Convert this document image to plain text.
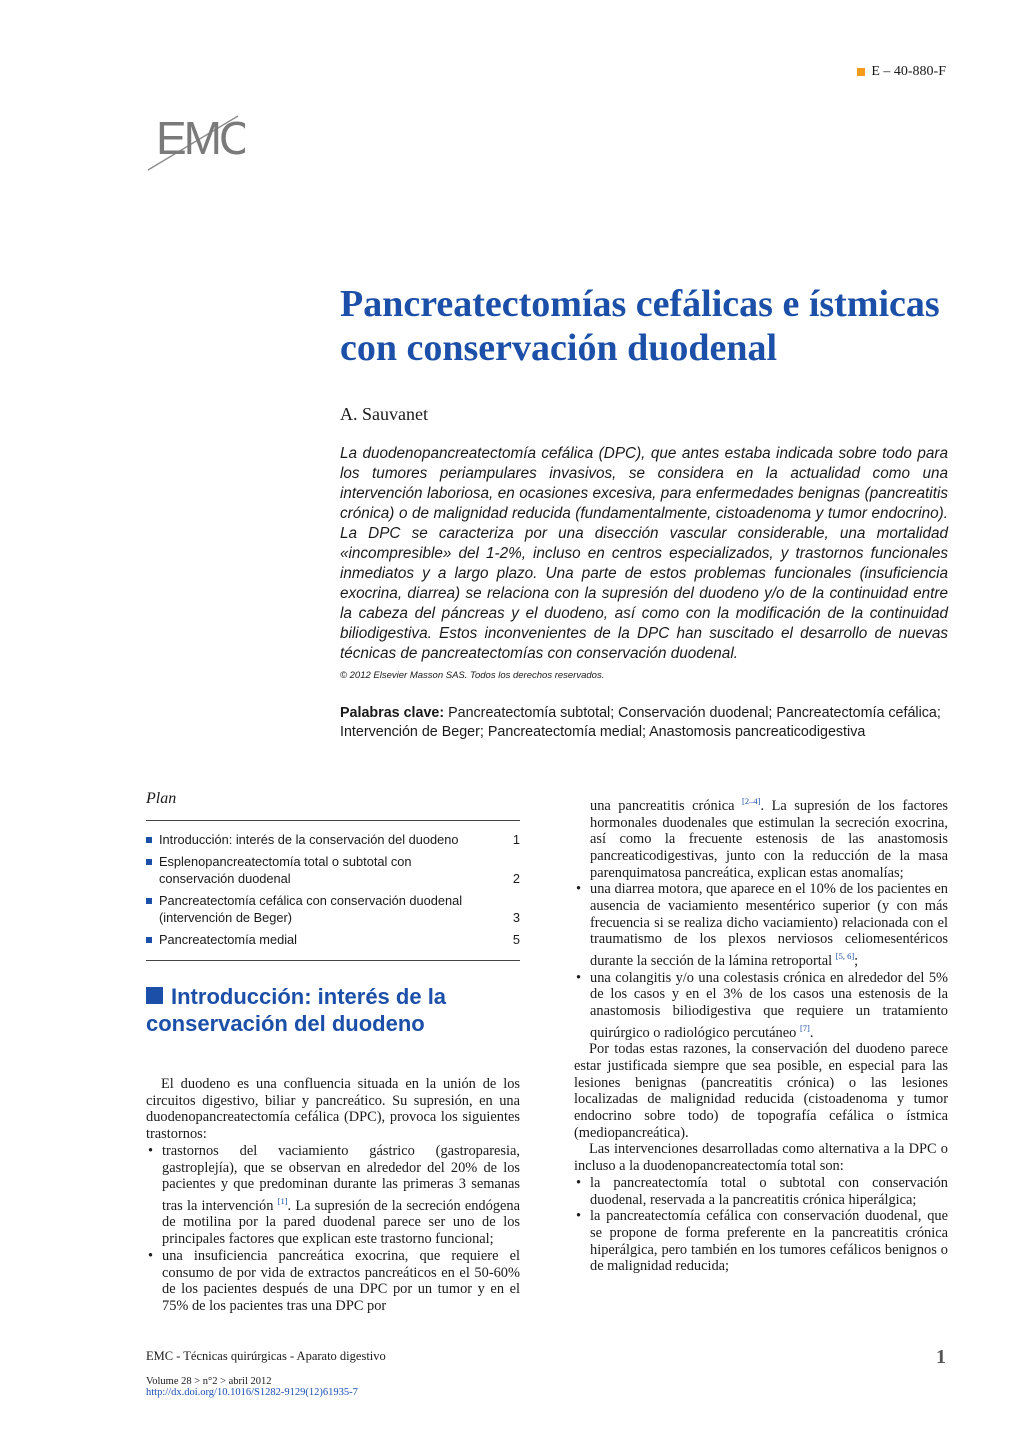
E – 40-880-F
EMC
Pancreatectomías cefálicas e ístmicas con conservación duodenal
A. Sauvanet

La duodenopancreatectomía cefálica (DPC), que antes estaba indicada sobre todo para los tumores periampulares invasivos, se considera en la actualidad como una intervención laboriosa, en ocasiones excesiva, para enfermedades benignas (pancreatitis crónica) o de malignidad reducida (fundamentalmente, cistoadenoma y tumor endocrino). La DPC se caracteriza por una disección vascular considerable, una mortalidad «incompresible» del 1-2%, incluso en centros especializados, y trastornos funcionales inmediatos y a largo plazo. Una parte de estos problemas funcionales (insuficiencia exocrina, diarrea) se relaciona con la supresión del duodeno y/o de la continuidad entre la cabeza del páncreas y el duodeno, así como con la modificación de la continuidad biliodigestiva. Estos inconvenientes de la DPC han suscitado el desarrollo de nuevas técnicas de pancreatectomías con conservación duodenal.

© 2012 Elsevier Masson SAS. Todos los derechos reservados.

Palabras clave: Pancreatectomía subtotal; Conservación duodenal; Pancreatectomía cefálica; Intervención de Beger; Pancreatectomía medial; Anastomosis pancreaticodigestiva

Plan
Introducción: interés de la conservación del duodeno	1
Esplenopancreatectomía total o subtotal con conservación duodenal	2
Pancreatectomía cefálica con conservación duodenal (intervención de Beger)	3
Pancreatectomía medial	5
Introducción: interés de la conservación del duodeno

El duodeno es una confluencia situada en la unión de los circuitos digestivo, biliar y pancreático. Su supresión, en una duodenopancreatectomía cefálica (DPC), provoca los siguientes trastornos:

• trastornos del vaciamiento gástrico (gastroparesia, gastroplejía), que se observan en alrededor del 20% de los pacientes y que predominan durante las primeras 3 semanas tras la intervención [1]. La supresión de la secreción endógena de motilina por la pared duodenal parece ser uno de los principales factores que explican este trastorno funcional;
• una insuficiencia pancreática exocrina, que requiere el consumo de por vida de extractos pancreáticos en el 50-60% de los pacientes después de una DPC por un tumor y en el 75% de los pacientes tras una DPC por
una pancreatitis crónica [2–4]. La supresión de los factores hormonales duodenales que estimulan la secreción exocrina, así como la frecuente estenosis de las anastomosis pancreaticodigestivas, junto con la reducción de la masa parenquimatosa pancreática, explican estas anomalías;
• una diarrea motora, que aparece en el 10% de los pacientes en ausencia de vaciamiento mesentérico superior (y con más frecuencia si se realiza dicho vaciamiento) relacionada con el traumatismo de los plexos nerviosos celiomesentéricos durante la sección de la lámina retroportal [5, 6];
• una colangitis y/o una colestasis crónica en alrededor del 5% de los casos y en el 3% de los casos una estenosis de la anastomosis biliodigestiva que requiere un tratamiento quirúrgico o radiológico percutáneo [7].

Por todas estas razones, la conservación del duodeno parece estar justificada siempre que sea posible, en especial para las lesiones benignas (pancreatitis crónica) o las lesiones localizadas de malignidad reducida (cistoadenoma y tumor endocrino sobre todo) de topografía cefálica o ístmica (mediopancreática).

Las intervenciones desarrolladas como alternativa a la DPC o incluso a la duodenopancreatectomía total son:

• la pancreatectomía total o subtotal con conservación duodenal, reservada a la pancreatitis crónica hiperálgica;
• la pancreatectomía cefálica con conservación duodenal, que se propone de forma preferente en la pancreatitis crónica hiperálgica, pero también en los tumores cefálicos benignos o de malignidad reducida;
EMC - Técnicas quirúrgicas - Aparato digestivo	1
Volume 28 > n°2 > abril 2012
http://dx.doi.org/10.1016/S1282-9129(12)61935-7
